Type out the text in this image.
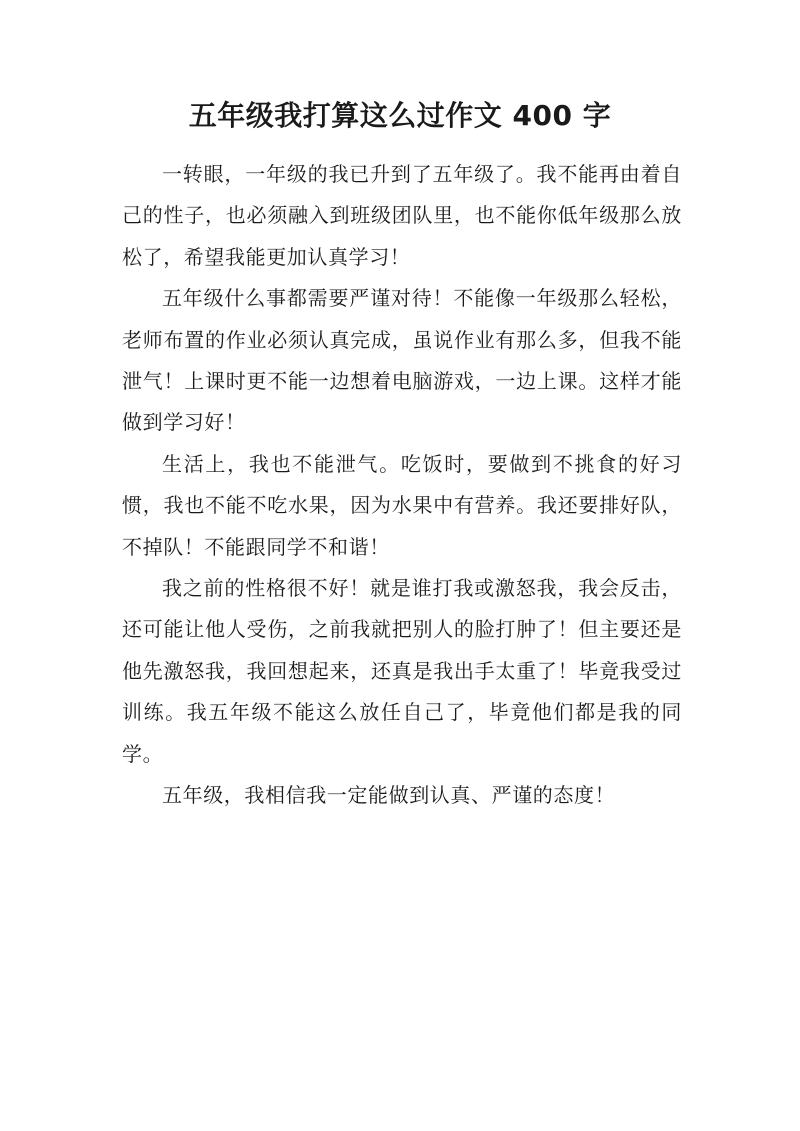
五年级我打算这么过作文 400 字

一转眼，一年级的我已升到了五年级了。我不能再由着自己的性子，也必须融入到班级团队里，也不能你低年级那么放松了，希望我能更加认真学习！

五年级什么事都需要严谨对待！不能像一年级那么轻松，老师布置的作业必须认真完成，虽说作业有那么多，但我不能泄气！上课时更不能一边想着电脑游戏，一边上课。这样才能做到学习好！

生活上，我也不能泄气。吃饭时，要做到不挑食的好习惯，我也不能不吃水果，因为水果中有营养。我还要排好队，不掉队！不能跟同学不和谐！

我之前的性格很不好！就是谁打我或激怒我，我会反击，还可能让他人受伤，之前我就把别人的脸打肿了！但主要还是他先激怒我，我回想起来，还真是我出手太重了！毕竟我受过训练。我五年级不能这么放任自己了，毕竟他们都是我的同学。

五年级，我相信我一定能做到认真、严谨的态度！
